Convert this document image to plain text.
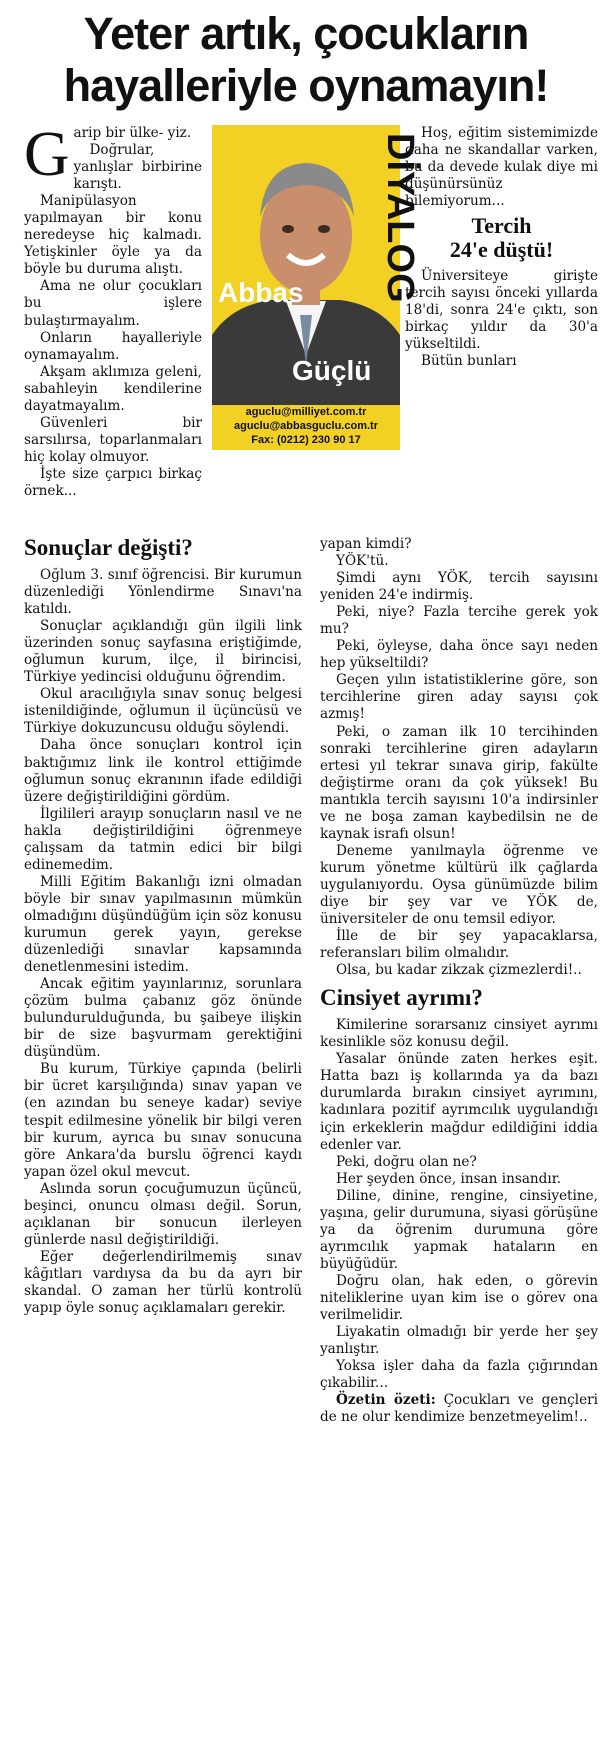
Yeter artık, çocukların
hayalleriyle oynamayın!

Garip bir ülke- yiz.

Doğrular, yanlışlar birbirine karıştı.

Manipülasyon yapılmayan bir konu neredeyse hiç kalmadı. Yetişkinler öyle ya da böyle bu duruma alıştı.

Ama ne olur çocukları bu işlere bulaştırmayalım.

Onların hayalleriyle oynamayalım.

Akşam aklımıza geleni, sabahleyin kendilerine dayatmayalım.

Güvenleri bir sarsılırsa, toparlanmaları hiç kolay olmuyor.

İşte size çarpıcı birkaç örnek...

Sonuçlar değişti?

Oğlum 3. sınıf öğrencisi. Bir kurumun düzenlediği Yönlendirme Sınavı'na katıldı.

Sonuçlar açıklandığı gün ilgili link üzerinden sonuç sayfasına eriştiğimde, oğlumun kurum, ilçe, il birincisi, Türkiye yedincisi olduğunu öğrendim.

Okul aracılığıyla sınav sonuç belgesi istenildiğinde, oğlumun il üçüncüsü ve Türkiye dokuzuncusu olduğu söylendi.

Daha önce sonuçları kontrol için baktığımız link ile kontrol ettiğimde oğlumun sonuç ekranının ifade edildiği üzere değiştirildiğini gördüm.

İlgilileri arayıp sonuçların nasıl ve ne hakla değiştirildiğini öğrenmeye çalışsam da tatmin edici bir bilgi edinemedim.

Milli Eğitim Bakanlığı izni olmadan böyle bir sınav yapılmasının mümkün olmadığını düşündüğüm için söz konusu kurumun gerek yayın, gerekse düzenlediği sınavlar kapsamında denetlenmesini istedim.

Ancak eğitim yayınlarınız, sorunlara çözüm bulma çabanız göz önünde bulundurulduğunda, bu şaibeye ilişkin bir de size başvurmam gerektiğini düşündüm.

Bu kurum, Türkiye çapında (belirli bir ücret karşılığında) sınav yapan ve (en azından bu seneye kadar) seviye tespit edilmesine yönelik bir bilgi veren bir kurum, ayrıca bu sınav sonucuna göre Ankara'da burslu öğrenci kaydı yapan özel okul mevcut.

Aslında sorun çocuğumuzun üçüncü, beşinci, onuncu olması değil. Sorun, açıklanan bir sonucun ilerleyen günlerde nasıl değiştirildiği.

Eğer değerlendirilmemiş sınav kâğıtları vardıysa da bu da ayrı bir skandal. O zaman her türlü kontrolü yapıp öyle sonuç açıklamaları gerekir.

DİYALOG
Abbas
Güçlü
aguclu@milliyet.com.tr
aguclu@abbasguclu.com.tr
Fax: (0212) 230 90 17

Hoş, eğitim sistemimizde daha ne skandallar varken, bu da devede kulak diye mi düşünürsünüz bilemiyorum...

Tercih
24'e düştü!

Üniversiteye girişte tercih sayısı önceki yıllarda 18'di, sonra 24'e çıktı, son birkaç yıldır da 30'a yükseltildi.

Bütün bunları

yapan kimdi?

YÖK'tü.

Şimdi aynı YÖK, tercih sayısını yeniden 24'e indirmiş.

Peki, niye? Fazla tercihe gerek yok mu?

Peki, öyleyse, daha önce sayı neden hep yükseltildi?

Geçen yılın istatistiklerine göre, son tercihlerine giren aday sayısı çok azmış!

Peki, o zaman ilk 10 tercihinden sonraki tercihlerine giren adayların ertesi yıl tekrar sınava girip, fakülte değiştirme oranı da çok yüksek! Bu mantıkla tercih sayısını 10'a indirsinler ve ne boşa zaman kaybedilsin ne de kaynak israfı olsun!

Deneme yanılmayla öğrenme ve kurum yönetme kültürü ilk çağlarda uygulanıyordu. Oysa günümüzde bilim diye bir şey var ve YÖK de, üniversiteler de onu temsil ediyor.

İlle de bir şey yapacaklarsa, referansları bilim olmalıdır.

Olsa, bu kadar zikzak çizmezlerdi!..

Cinsiyet ayrımı?

Kimilerine sorarsanız cinsiyet ayrımı kesinlikle söz konusu değil.

Yasalar önünde zaten herkes eşit. Hatta bazı iş kollarında ya da bazı durumlarda bırakın cinsiyet ayrımını, kadınlara pozitif ayrımcılık uygulandığı için erkeklerin mağdur edildiğini iddia edenler var.

Peki, doğru olan ne?

Her şeyden önce, insan insandır.

Diline, dinine, rengine, cinsiyetine, yaşına, gelir durumuna, siyasi görüşüne ya da öğrenim durumuna göre ayrımcılık yapmak hataların en büyüğüdür.

Doğru olan, hak eden, o görevin niteliklerine uyan kim ise o görev ona verilmelidir.

Liyakatin olmadığı bir yerde her şey yanlıştır.

Yoksa işler daha da fazla çığırından çıkabilir...

Özetin özeti: Çocukları ve gençleri de ne olur kendimize benzetmeyelim!..
